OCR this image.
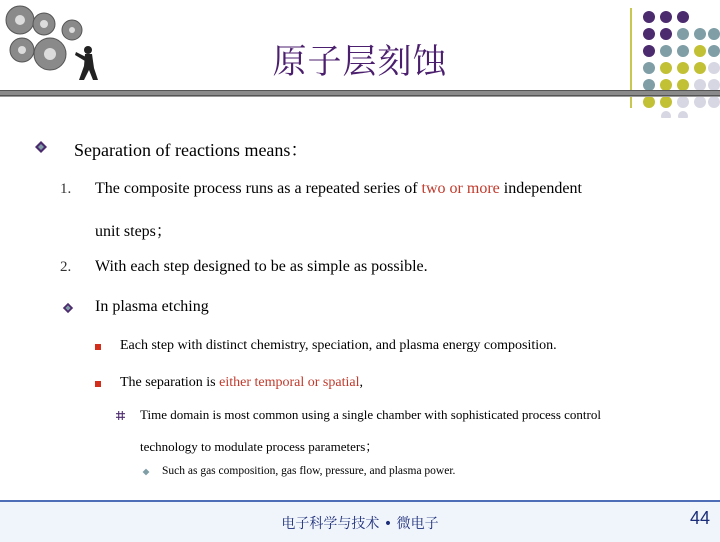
原子层刻蚀
Separation of reactions means：
1. The composite process runs as a repeated series of two or more independent
unit steps；
2. With each step designed to be as simple as possible.
In plasma etching
Each step with distinct chemistry, speciation, and plasma energy composition.
The separation is either temporal or spatial,
Time domain is most common using a single chamber with sophisticated process control
technology to modulate process parameters；
Such as gas composition, gas flow, pressure, and plasma power.
电子科学与技术 • 微电子	44
